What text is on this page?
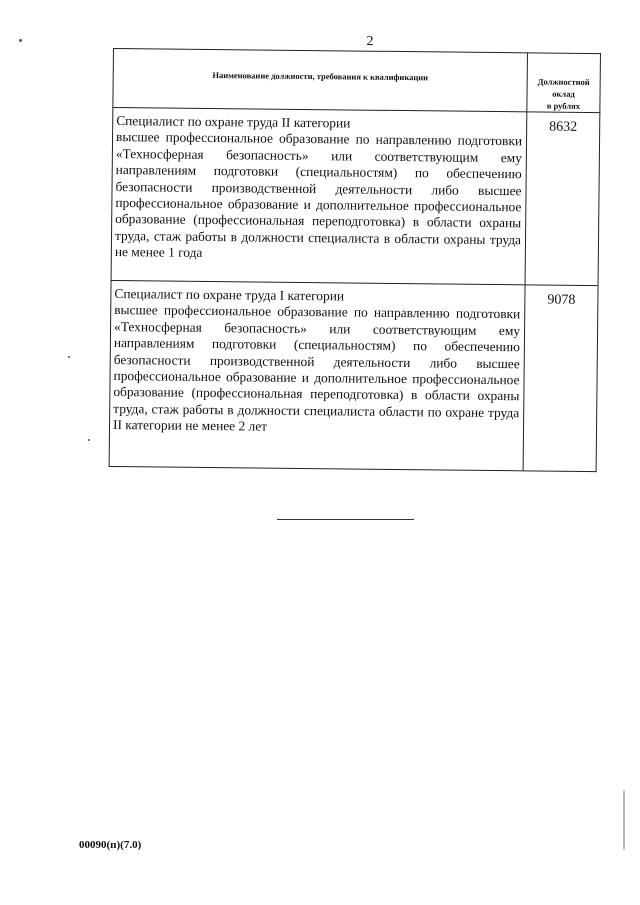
2
Наименование должности, требования к квалификации	Должностной
оклад
в рублях

Специалист по охране труда II категории
высшее профессиональное образование по направлению подготовки «Техносферная безопасность» или соответствующим ему направлениям подготовки (специальностям) по обеспечению безопасности производственной деятельности либо высшее профессиональное образование и дополнительное профессиональное образование (профессиональная переподготовка) в области охраны труда, стаж работы в должности специалиста в области охраны труда не менее 1 года	8632

Специалист по охране труда I категории
высшее профессиональное образование по направлению подготовки «Техносферная безопасность» или соответствующим ему направлениям подготовки (специальностям) по обеспечению безопасности производственной деятельности либо высшее профессиональное образование и дополнительное профессиональное образование (профессиональная переподготовка) в области охраны труда, стаж работы в должности специалиста области по охране труда II категории не менее 2 лет	9078
00090(п)(7.0)
